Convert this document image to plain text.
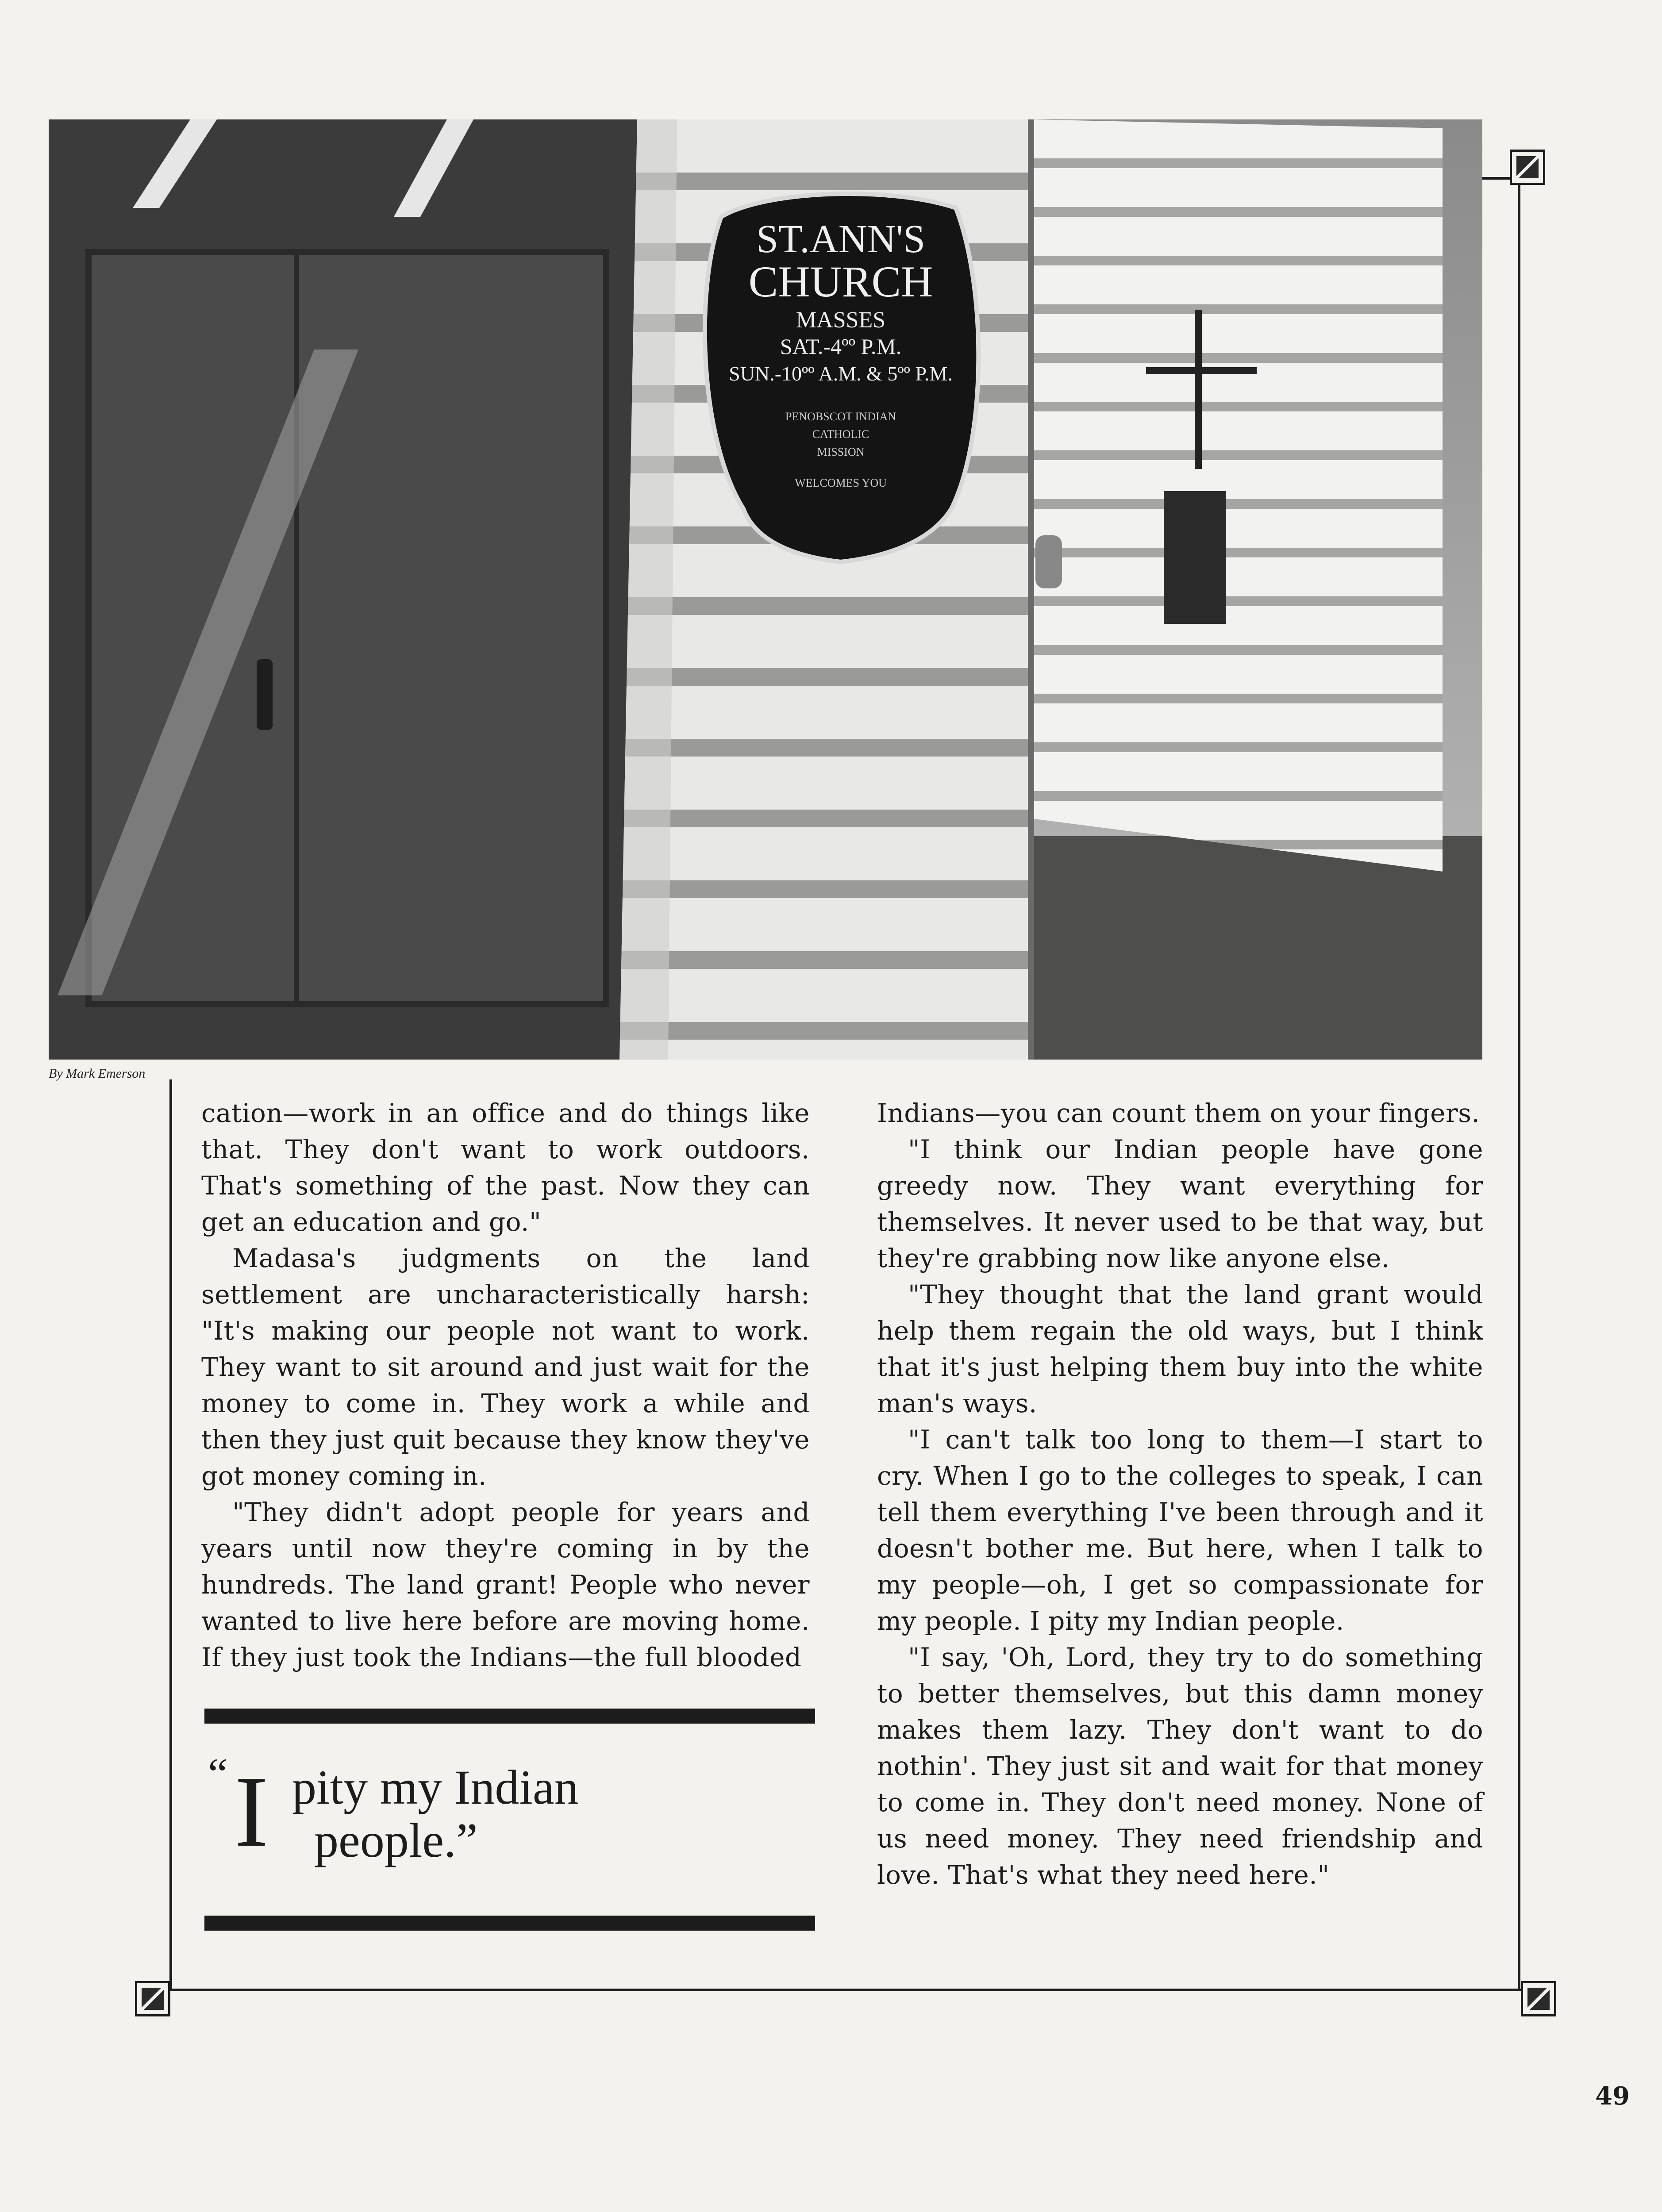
ST.ANN'S
CHURCH
MASSES
SAT.-4ºº P.M.
SUN.-10ºº A.M. & 5ºº P.M.
PENOBSCOT INDIAN
CATHOLIC
MISSION
WELCOMES YOU
By Mark Emerson

cation—work in an office and do things like that. They don't want to work outdoors. That's something of the past. Now they can get an education and go."

Madasa's judgments on the land settlement are uncharacteristically harsh: "It's making our people not want to work. They want to sit around and just wait for the money to come in. They work a while and then they just quit because they know they've got money coming in.

"They didn't adopt people for years and years until now they're coming in by the hundreds. The land grant! People who never wanted to live here before are moving home. If they just took the Indians—the full blooded

“ I pity my Indian
people.”

Indians—you can count them on your fingers.

"I think our Indian people have gone greedy now. They want everything for themselves. It never used to be that way, but they're grabbing now like anyone else.

"They thought that the land grant would help them regain the old ways, but I think that it's just helping them buy into the white man's ways.

"I can't talk too long to them—I start to cry. When I go to the colleges to speak, I can tell them everything I've been through and it doesn't bother me. But here, when I talk to my people—oh, I get so compassionate for my people. I pity my Indian people.

"I say, 'Oh, Lord, they try to do something to better themselves, but this damn money makes them lazy. They don't want to do nothin'. They just sit and wait for that money to come in. They don't need money. None of us need money. They need friendship and love. That's what they need here."

49
